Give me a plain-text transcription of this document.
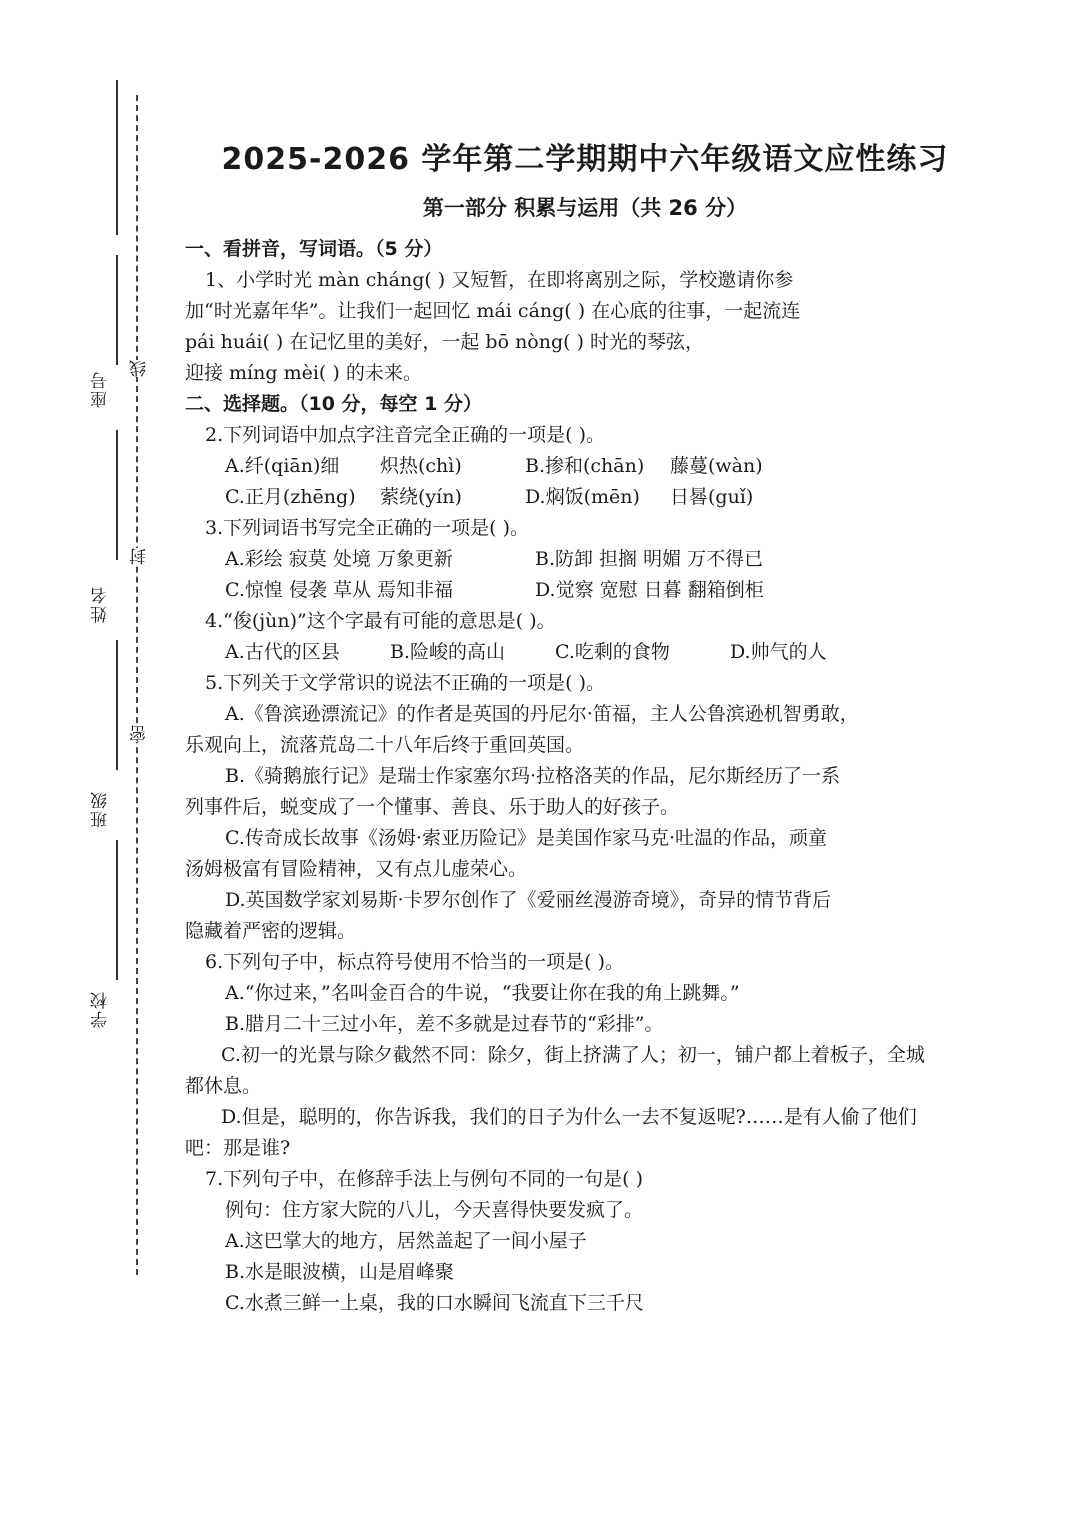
座号
姓名
班级
学校
线
封
密
2025-2026 学年第二学期期中六年级语文应性练习
第一部分 积累与运用（共 26 分）
一、看拼音，写词语。（5 分）
1、小学时光 màn cháng( ) 又短暂，在即将离别之际，学校邀请你参
加“时光嘉年华”。让我们一起回忆 mái cáng( ) 在心底的往事，一起流连
pái huái( ) 在记忆里的美好，一起 bō nòng( ) 时光的琴弦，
迎接 míng mèi( ) 的未来。
二、选择题。（10 分，每空 1 分）
2.下列词语中加点字注音完全正确的一项是( )。
A.纤(qiān)细	炽热(chì)	B.掺和(chān)	藤蔓(wàn)
C.正月(zhēng)	萦绕(yín)	D.焖饭(mēn)	日晷(guǐ)
3.下列词语书写完全正确的一项是( )。
A.彩绘 寂莫 处境 万象更新	B.防卸 担搁 明媚 万不得已
C.惊惶 侵袭 草从 焉知非福	D.觉察 宽慰 日暮 翻箱倒柜
4.“俊(jùn)”这个字最有可能的意思是( )。
A.古代的区县	B.险峻的高山	C.吃剩的食物	D.帅气的人
5.下列关于文学常识的说法不正确的一项是( )。
A.《鲁滨逊漂流记》的作者是英国的丹尼尔·笛福，主人公鲁滨逊机智勇敢，
乐观向上，流落荒岛二十八年后终于重回英国。
B.《骑鹅旅行记》是瑞士作家塞尔玛·拉格洛芙的作品，尼尔斯经历了一系
列事件后，蜕变成了一个懂事、善良、乐于助人的好孩子。
C.传奇成长故事《汤姆·索亚历险记》是美国作家马克·吐温的作品，顽童
汤姆极富有冒险精神，又有点儿虚荣心。
D.英国数学家刘易斯·卡罗尔创作了《爱丽丝漫游奇境》，奇异的情节背后
隐藏着严密的逻辑。
6.下列句子中，标点符号使用不恰当的一项是( )。
A.“你过来，”名叫金百合的牛说，“我要让你在我的角上跳舞。”
B.腊月二十三过小年，差不多就是过春节的“彩排”。
C.初一的光景与除夕截然不同：除夕，街上挤满了人；初一，铺户都上着板子，全城
都休息。
D.但是，聪明的，你告诉我，我们的日子为什么一去不复返呢?……是有人偷了他们
吧：那是谁?
7.下列句子中，在修辞手法上与例句不同的一句是( )
例句：住方家大院的八儿，今天喜得快要发疯了。
A.这巴掌大的地方，居然盖起了一间小屋子
B.水是眼波横，山是眉峰聚
C.水煮三鲜一上桌，我的口水瞬间飞流直下三千尺
